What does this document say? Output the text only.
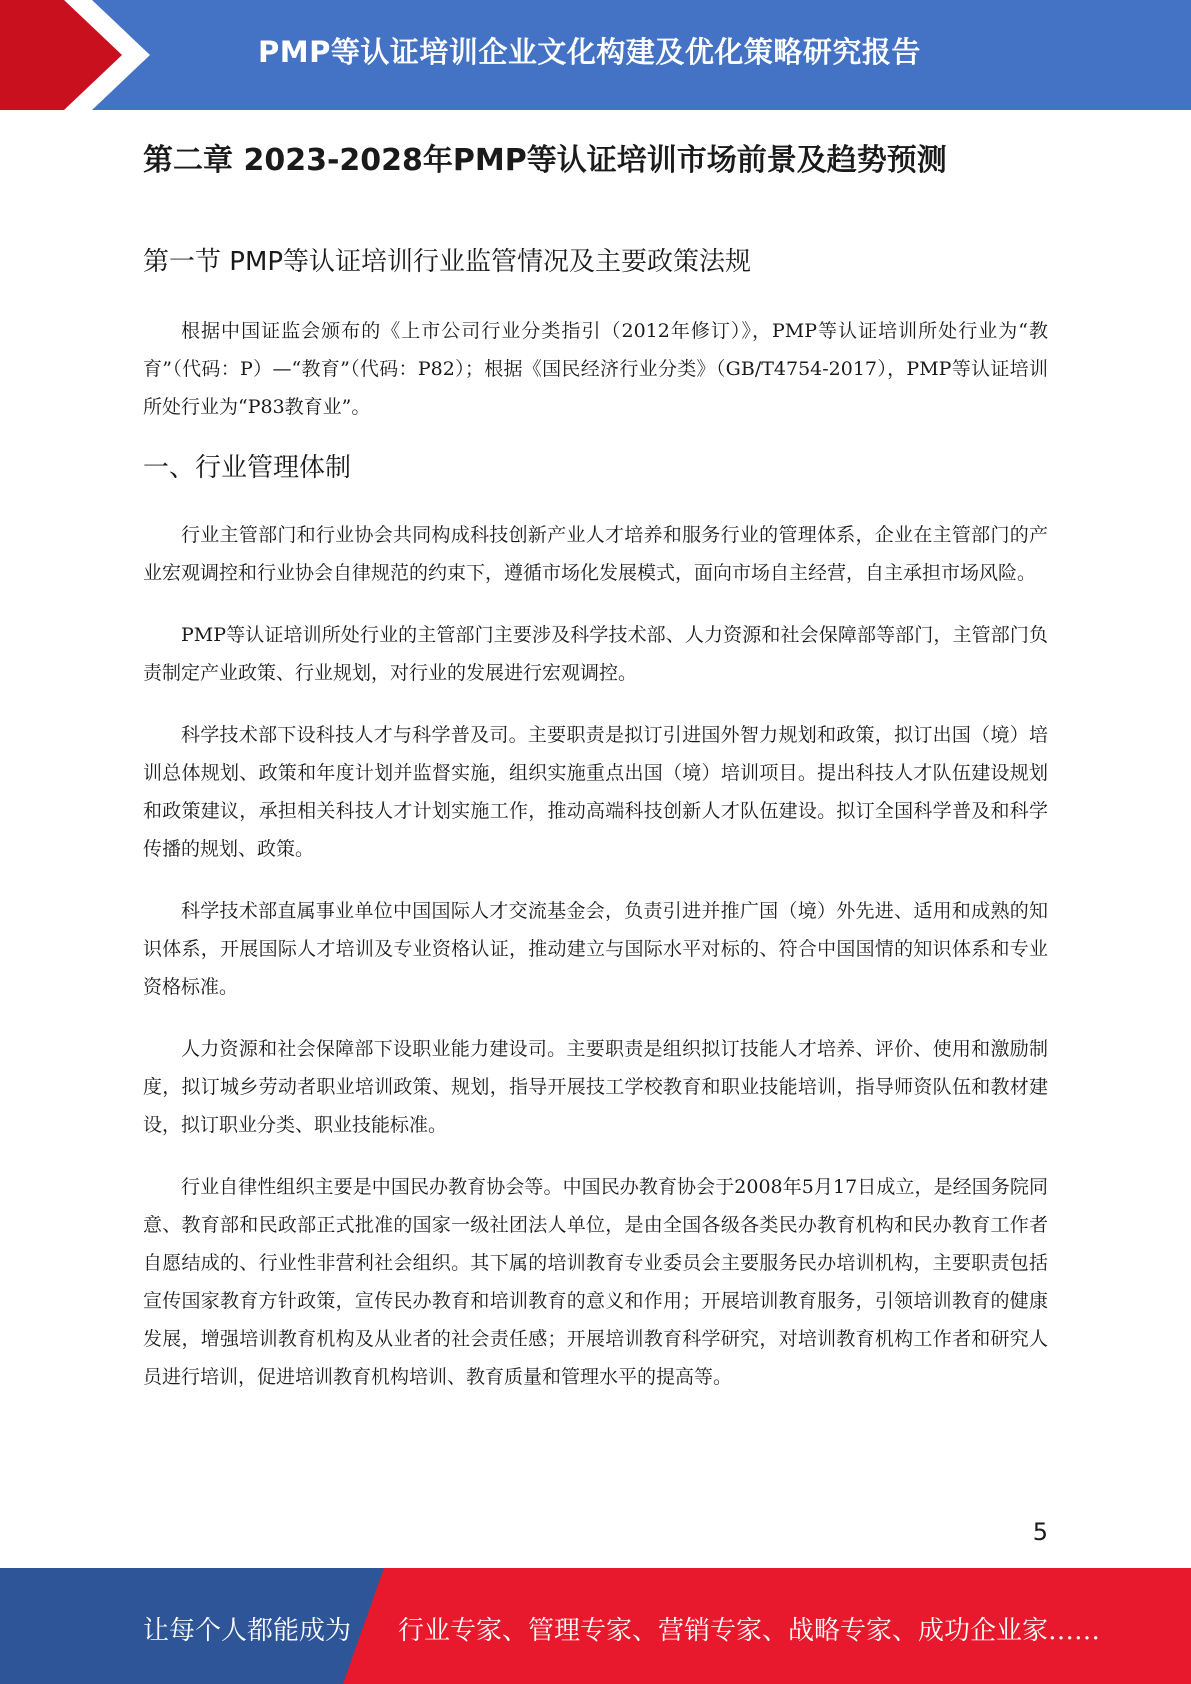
PMP等认证培训企业文化构建及优化策略研究报告
第二章 2023-2028年PMP等认证培训市场前景及趋势预测
第一节 PMP等认证培训行业监管情况及主要政策法规

根据中国证监会颁布的《上市公司行业分类指引（2012年修订）》，PMP等认证培训所处行业为“教育”（代码：P）—“教育”（代码：P82）；根据《国民经济行业分类》（GB/T4754-2017），PMP等认证培训所处行业为“P83教育业”。

一、行业管理体制

行业主管部门和行业协会共同构成科技创新产业人才培养和服务行业的管理体系，企业在主管部门的产业宏观调控和行业协会自律规范的约束下，遵循市场化发展模式，面向市场自主经营，自主承担市场风险。

PMP等认证培训所处行业的主管部门主要涉及科学技术部、人力资源和社会保障部等部门，主管部门负责制定产业政策、行业规划，对行业的发展进行宏观调控。

科学技术部下设科技人才与科学普及司。主要职责是拟订引进国外智力规划和政策，拟订出国（境）培训总体规划、政策和年度计划并监督实施，组织实施重点出国（境）培训项目。提出科技人才队伍建设规划和政策建议，承担相关科技人才计划实施工作，推动高端科技创新人才队伍建设。拟订全国科学普及和科学传播的规划、政策。

科学技术部直属事业单位中国国际人才交流基金会，负责引进并推广国（境）外先进、适用和成熟的知识体系，开展国际人才培训及专业资格认证，推动建立与国际水平对标的、符合中国国情的知识体系和专业资格标准。

人力资源和社会保障部下设职业能力建设司。主要职责是组织拟订技能人才培养、评价、使用和激励制度，拟订城乡劳动者职业培训政策、规划，指导开展技工学校教育和职业技能培训，指导师资队伍和教材建设，拟订职业分类、职业技能标准。

行业自律性组织主要是中国民办教育协会等。中国民办教育协会于2008年5月17日成立，是经国务院同意、教育部和民政部正式批准的国家一级社团法人单位，是由全国各级各类民办教育机构和民办教育工作者自愿结成的、行业性非营利社会组织。其下属的培训教育专业委员会主要服务民办培训机构，主要职责包括宣传国家教育方针政策，宣传民办教育和培训教育的意义和作用；开展培训教育服务，引领培训教育的健康发展，增强培训教育机构及从业者的社会责任感；开展培训教育科学研究，对培训教育机构工作者和研究人员进行培训，促进培训教育机构培训、教育质量和管理水平的提高等。

5
让每个人都能成为 行业专家、管理专家、营销专家、战略专家、成功企业家……
